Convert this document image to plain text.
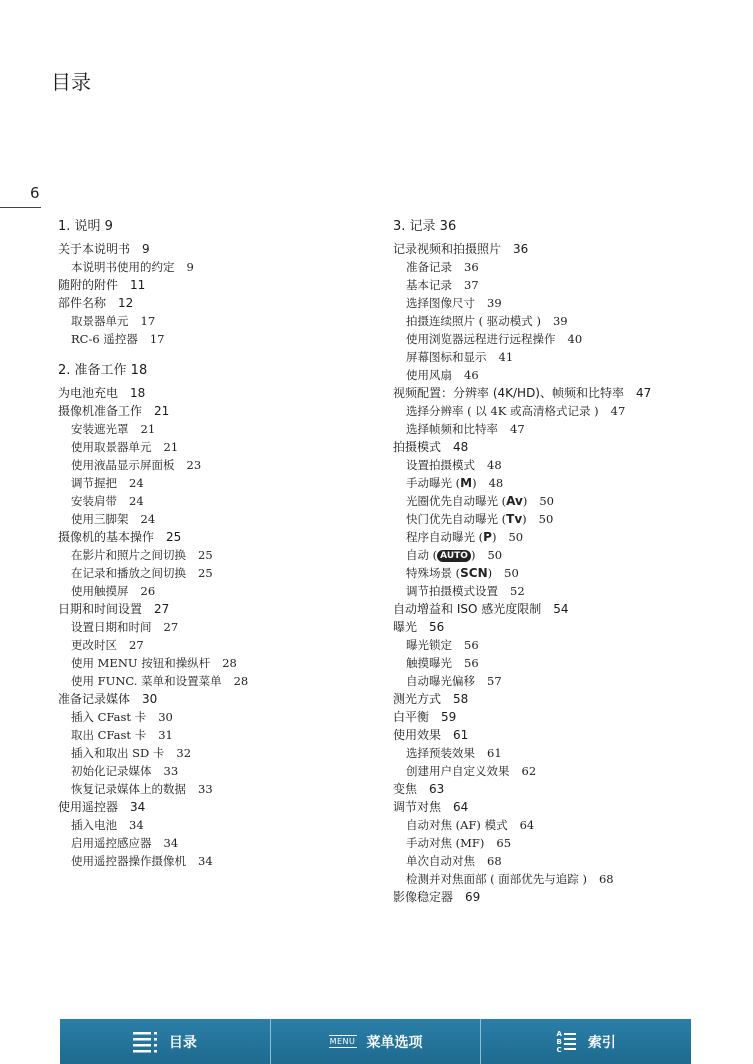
目录
6
1. 说明 9
关于本说明书 9
本说明书使用的约定 9
随附的附件 11
部件名称 12
取景器单元 17
RC-6 遥控器 17
2. 准备工作 18
为电池充电 18
摄像机准备工作 21
安装遮光罩 21
使用取景器单元 21
使用液晶显示屏面板 23
调节握把 24
安装肩带 24
使用三脚架 24
摄像机的基本操作 25
在影片和照片之间切换 25
在记录和播放之间切换 25
使用触摸屏 26
日期和时间设置 27
设置日期和时间 27
更改时区 27
使用 MENU 按钮和操纵杆 28
使用 FUNC. 菜单和设置菜单 28
准备记录媒体 30
插入 CFast 卡 30
取出 CFast 卡 31
插入和取出 SD 卡 32
初始化记录媒体 33
恢复记录媒体上的数据 33
使用遥控器 34
插入电池 34
启用遥控感应器 34
使用遥控器操作摄像机 34
3. 记录 36
记录视频和拍摄照片 36
准备记录 36
基本记录 37
选择图像尺寸 39
拍摄连续照片 ( 驱动模式 ) 39
使用浏览器远程进行远程操作 40
屏幕图标和显示 41
使用风扇 46
视频配置：分辨率 (4K/HD)、帧频和比特率 47
选择分辨率 ( 以 4K 或高清格式记录 ) 47
选择帧频和比特率 47
拍摄模式 48
设置拍摄模式 48
手动曝光 (M) 48
光圈优先自动曝光 (Av) 50
快门优先自动曝光 (Tv) 50
程序自动曝光 (P) 50
自动 ( AUTO ) 50
特殊场景 (SCN) 50
调节拍摄模式设置 52
自动增益和 ISO 感光度限制 54
曝光 56
曝光锁定 56
触摸曝光 56
自动曝光偏移 57
测光方式 58
白平衡 59
使用效果 61
选择预装效果 61
创建用户自定义效果 62
变焦 63
调节对焦 64
自动对焦 (AF) 模式 64
手动对焦 (MF) 65
单次自动对焦 68
检测并对焦面部 ( 面部优先与追踪 ) 68
影像稳定器 69
目录	MENU 菜单选项
A
B
C 索引
